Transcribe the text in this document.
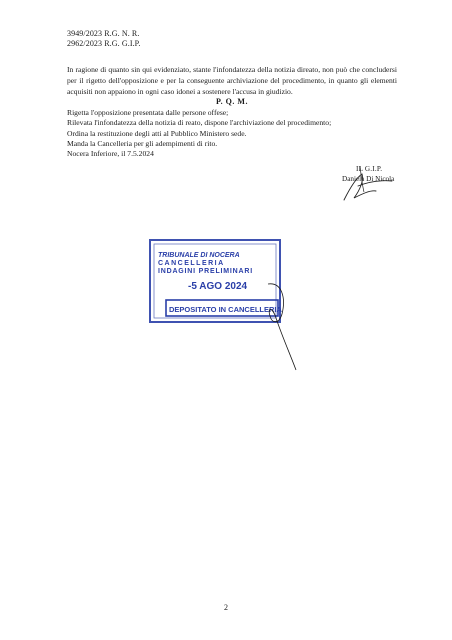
3949/2023 R.G. N. R.
2962/2023 R.G. G.I.P.

In ragione di quanto sin qui evidenziato, stante l'infondatezza della notizia direato, non può che concludersi per il rigetto dell'opposizione e per la conseguente archiviazione del procedimento, in quanto gli elementi acquisiti non appaiono in ogni caso idonei a sostenere l'accusa in giudizio.

P. Q. M.
Rigetta l'opposizione presentata dalle persone offese;
Rilevata l'infondatezza della notizia di reato, dispone l'archiviazione del procedimento;
Ordina la restituzione degli atti al Pubblico Ministero sede.
Manda la Cancelleria per gli adempimenti di rito.
Nocera Inferiore, il 7.5.2024
IL G.I.P.
Daniela Di Nicola
TRIBUNALE DI NOCERA
CANCELLERIA
INDAGINI PRELIMINARI
-5 AGO 2024
DEPOSITATO IN CANCELLERIA
2
